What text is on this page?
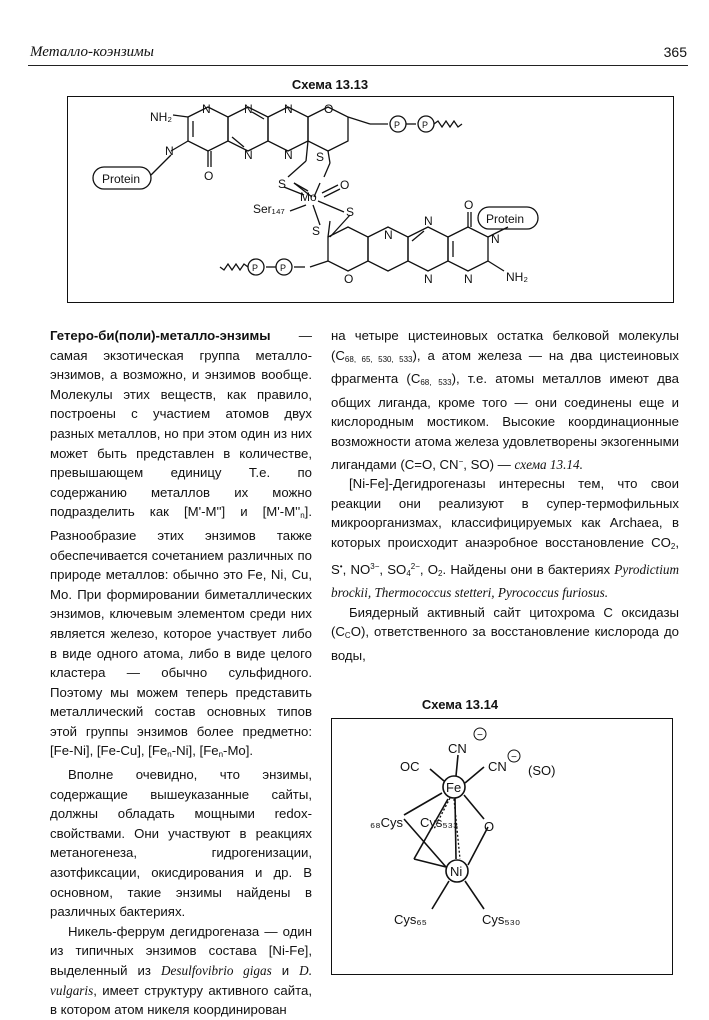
Металло-коэнзимы	365
Схема 13.13
NH₂
N
O
N	N	N
N	N
O
S
S
Mo
O
Ser₁₄₇	S
S	N
N
N
O
O
N
N	NH₂
Protein
Protein
P P
P P

Гетеро-би(поли)-металло-энзимы — самая экзотическая группа металло-энзимов, а возможно, и энзимов вообще. Молекулы этих веществ, как правило, построены с участием атомов двух разных металлов, но при этом один из них может быть представлен в количестве, превышающем единицу Т.е. по содержанию металлов их можно подразделить как [M'-M''] и $[M'-M''_n]$. Разнообразие этих энзимов также обеспечивается сочетанием различных по природе металлов: обычно это Fe, Ni, Cu, Mo. При формировании биметаллических энзимов, ключевым элементом среди них является железо, которое участвует либо в виде одного атома, либо в виде целого кластера — обычно сульфидного. Поэтому мы можем теперь представить металлический состав основных типов этой группы энзимов более предметно: [Fe-Ni], [Fe-Cu], $[Fe_n-Ni]$, $[Fe_n-Mo]$.

Вполне очевидно, что энзимы, содержащие вышеуказанные сайты, должны обладать мощными redox-свойствами. Они участвуют в реакциях метаногенеза, гидрогенизации, азотфиксации, окисдирования и др. В основном, такие энзимы найдены в различных бактериях.

Никель-феррум дегидрогеназа — один из типичных энзимов состава [Ni-Fe], выделенный из Desulfovibrio gigas и D. vulgaris, имеет структуру активного сайта, в котором атом никеля координирован

на четыре цистеиновых остатка белковой молекулы $(C_{68, 65, 530, 533})$, а атом железа — на два цистеиновых фрагмента $(C_{68, 533})$, т.е. атомы металлов имеют два общих лиганда, кроме того — они соединены еще и кислородным мостиком. Высокие координационные возможности атома железа удовлетворены экзогенными лигандами (C=O, CN−, SO) — схема 13.14.

[Ni-Fe]-Дегидрогеназы интересны тем, что свои реакции они реализуют в супер-термофильных микроорганизмах, классифицируемых как Archaea, в которых происходит анаэробное восстановление $CO_2$, S•, $NO^{3-}$, $SO_4^{2-}$, $O_2$. Найдены они в бактериях Pyrodictium brockii, Thermococcus stetteri, Pyrococcus furiosus.

Биядерный активный сайт цитохрома C оксидазы $(C_CO)$, ответственного за восстановление кислорода до воды,

Схема 13.14
OC
CN
CN (SO)
Fe
Ni
O
₆₈Cys Cys₅₃₃
Cys₆₅	Cys₅₃₀
−
−
